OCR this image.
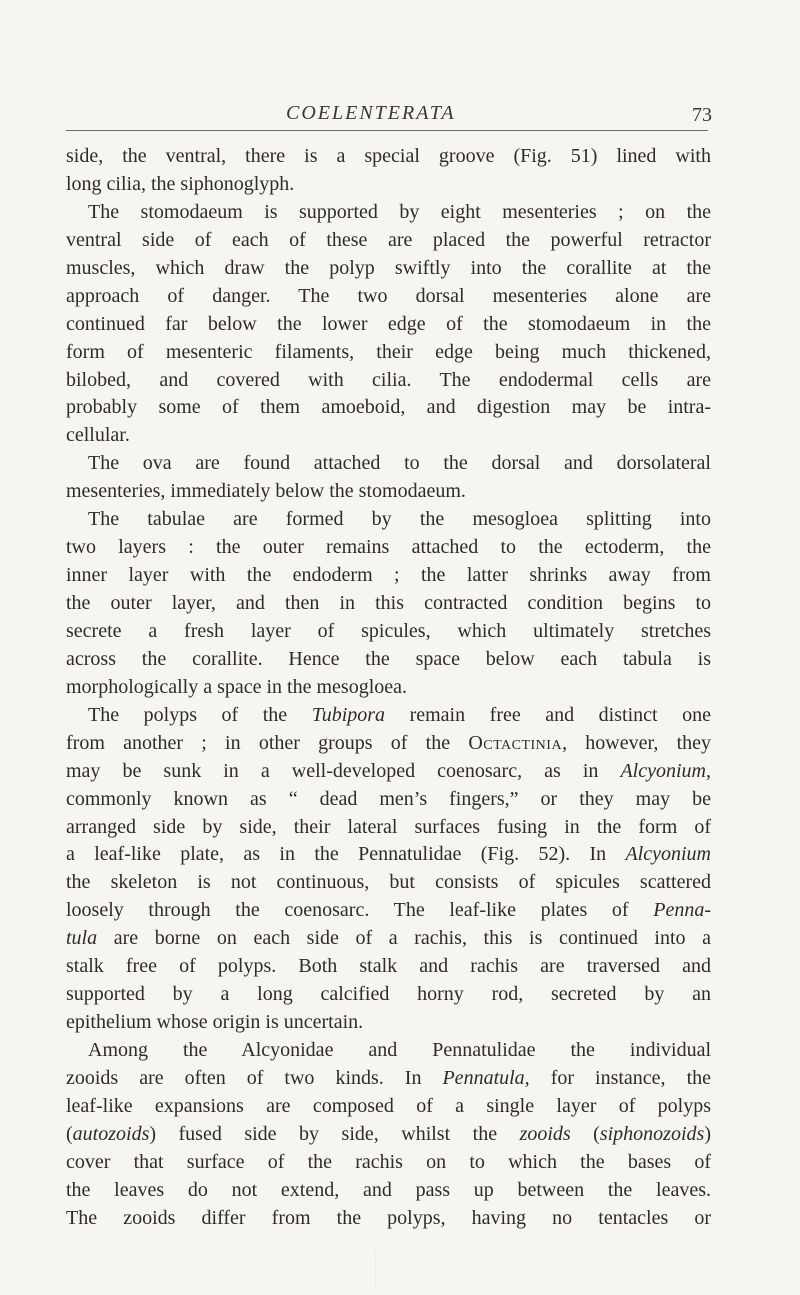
COELENTERATA	73
side, the ventral, there is a special groove (Fig. 51) lined with
long cilia, the siphonoglyph.
The stomodaeum is supported by eight mesenteries ; on the
ventral side of each of these are placed the powerful retractor
muscles, which draw the polyp swiftly into the corallite at the
approach of danger. The two dorsal mesenteries alone are
continued far below the lower edge of the stomodaeum in the
form of mesenteric filaments, their edge being much thickened,
bilobed, and covered with cilia. The endodermal cells are
probably some of them amoeboid, and digestion may be intra-
cellular.
The ova are found attached to the dorsal and dorsolateral
mesenteries, immediately below the stomodaeum.
The tabulae are formed by the mesogloea splitting into
two layers : the outer remains attached to the ectoderm, the
inner layer with the endoderm ; the latter shrinks away from
the outer layer, and then in this contracted condition begins to
secrete a fresh layer of spicules, which ultimately stretches
across the corallite. Hence the space below each tabula is
morphologically a space in the mesogloea.
The polyps of the Tubipora remain free and distinct one
from another ; in other groups of the Octactinia, however, they
may be sunk in a well-developed coenosarc, as in Alcyonium,
commonly known as “ dead men’s fingers,” or they may be
arranged side by side, their lateral surfaces fusing in the form of
a leaf-like plate, as in the Pennatulidae (Fig. 52). In Alcyonium
the skeleton is not continuous, but consists of spicules scattered
loosely through the coenosarc. The leaf-like plates of Penna-
tula are borne on each side of a rachis, this is continued into a
stalk free of polyps. Both stalk and rachis are traversed and
supported by a long calcified horny rod, secreted by an
epithelium whose origin is uncertain.
Among the Alcyonidae and Pennatulidae the individual
zooids are often of two kinds. In Pennatula, for instance, the
leaf-like expansions are composed of a single layer of polyps
(autozoids) fused side by side, whilst the zooids (siphonozoids)
cover that surface of the rachis on to which the bases of
the leaves do not extend, and pass up between the leaves.
The zooids differ from the polyps, having no tentacles or
